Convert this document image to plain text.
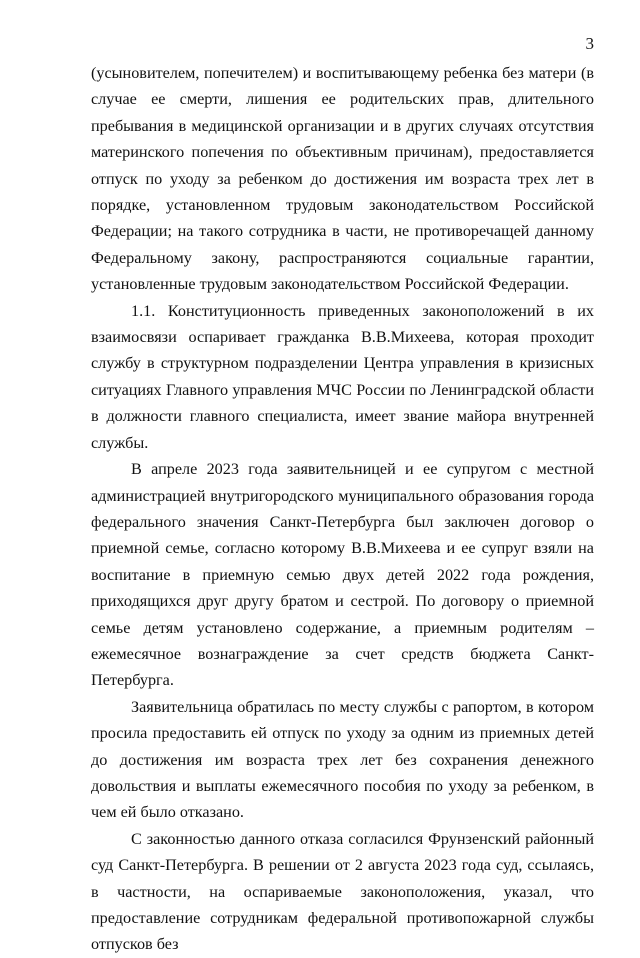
3

(усыновителем, попечителем) и воспитывающему ребенка без матери (в случае ее смерти, лишения ее родительских прав, длительного пребывания в медицинской организации и в других случаях отсутствия материнского попечения по объективным причинам), предоставляется отпуск по уходу за ребенком до достижения им возраста трех лет в порядке, установленном трудовым законодательством Российской Федерации; на такого сотрудника в части, не противоречащей данному Федеральному закону, распространяются социальные гарантии, установленные трудовым законодательством Российской Федерации.

1.1. Конституционность приведенных законоположений в их взаимосвязи оспаривает гражданка В.В.Михеева, которая проходит службу в структурном подразделении Центра управления в кризисных ситуациях Главного управления МЧС России по Ленинградской области в должности главного специалиста, имеет звание майора внутренней службы.

В апреле 2023 года заявительницей и ее супругом с местной администрацией внутригородского муниципального образования города федерального значения Санкт-Петербурга был заключен договор о приемной семье, согласно которому В.В.Михеева и ее супруг взяли на воспитание в приемную семью двух детей 2022 года рождения, приходящихся друг другу братом и сестрой. По договору о приемной семье детям установлено содержание, а приемным родителям – ежемесячное вознаграждение за счет средств бюджета Санкт-Петербурга.

Заявительница обратилась по месту службы с рапортом, в котором просила предоставить ей отпуск по уходу за одним из приемных детей до достижения им возраста трех лет без сохранения денежного довольствия и выплаты ежемесячного пособия по уходу за ребенком, в чем ей было отказано.

С законностью данного отказа согласился Фрунзенский районный суд Санкт-Петербурга. В решении от 2 августа 2023 года суд, ссылаясь, в частности, на оспариваемые законоположения, указал, что предоставление сотрудникам федеральной противопожарной службы отпусков без
